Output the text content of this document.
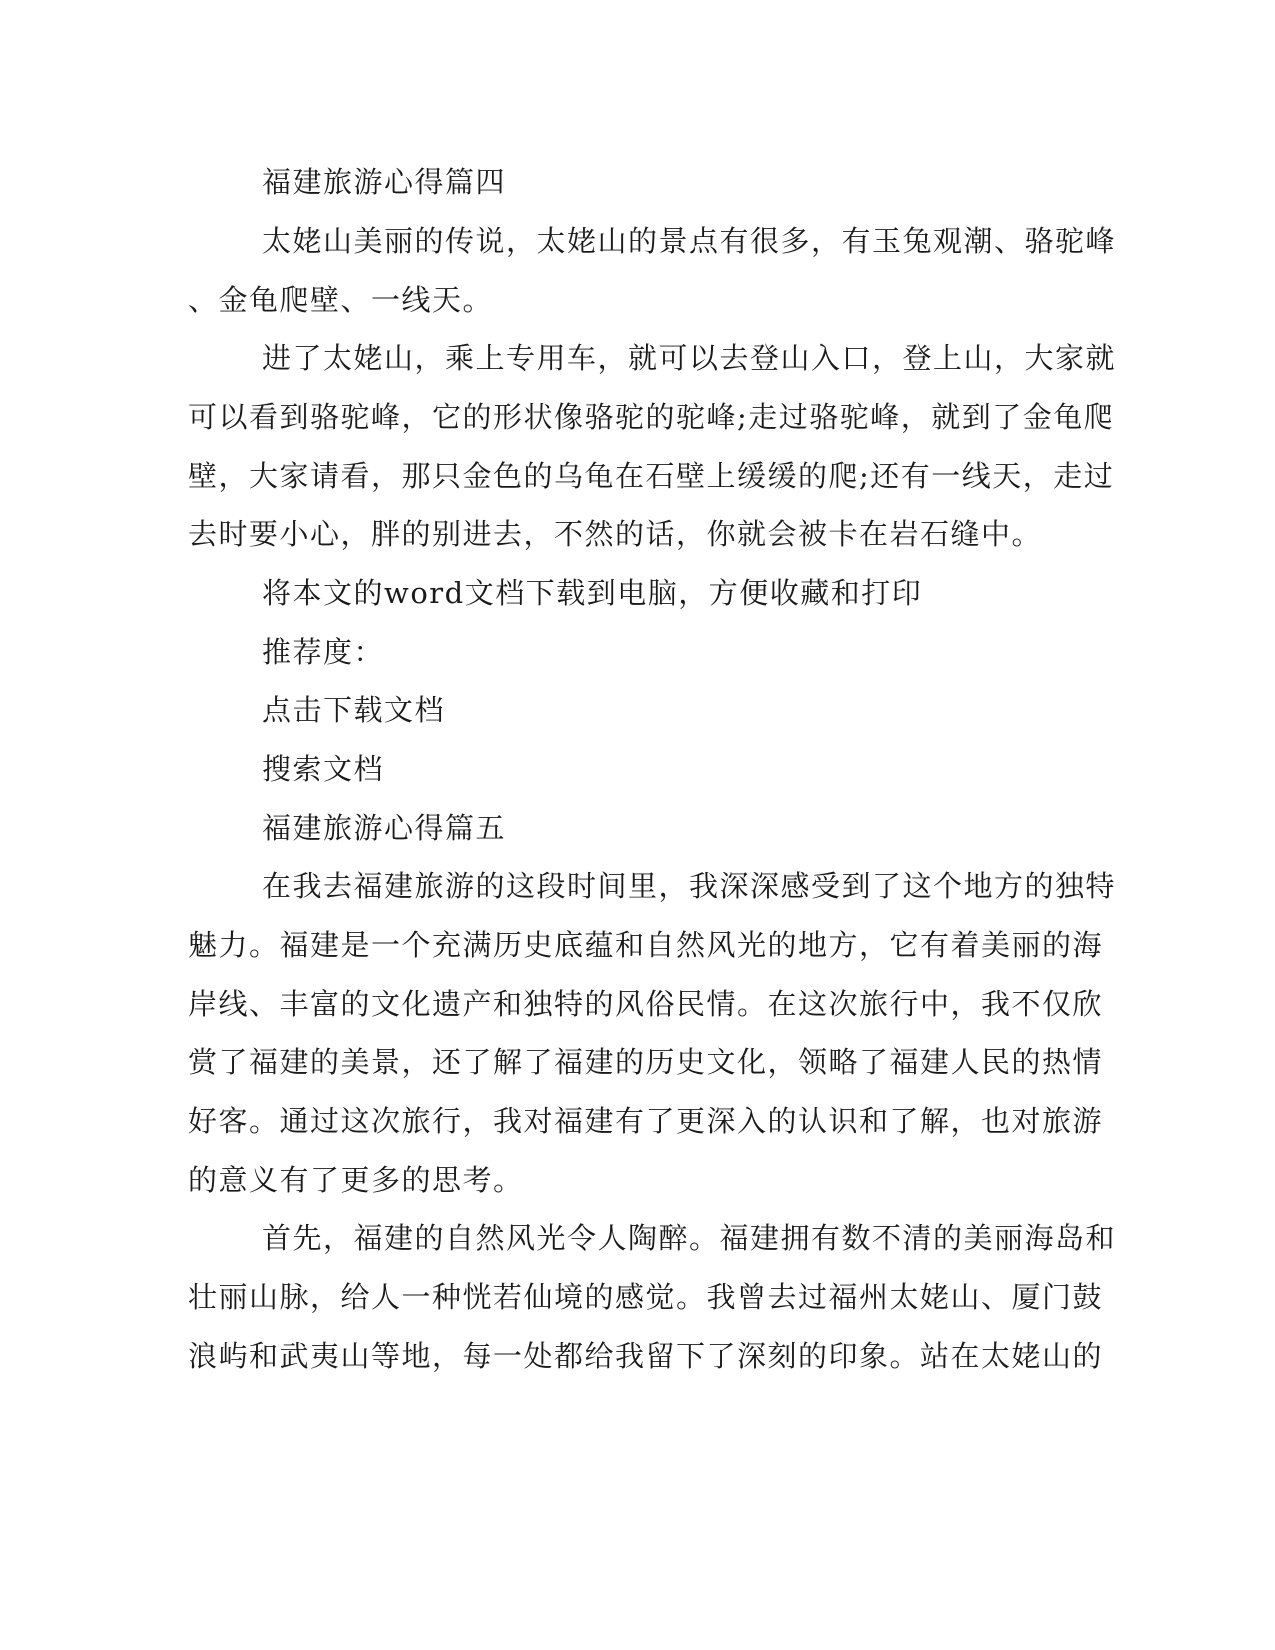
福建旅游心得篇四
太姥山美丽的传说，太姥山的景点有很多，有玉兔观潮、骆驼峰
、金龟爬壁、一线天。
进了太姥山，乘上专用车，就可以去登山入口，登上山，大家就
可以看到骆驼峰，它的形状像骆驼的驼峰;走过骆驼峰，就到了金龟爬
壁，大家请看，那只金色的乌龟在石壁上缓缓的爬;还有一线天，走过
去时要小心，胖的别进去，不然的话，你就会被卡在岩石缝中。
将本文的word文档下载到电脑，方便收藏和打印
推荐度：
点击下载文档
搜索文档
福建旅游心得篇五
在我去福建旅游的这段时间里，我深深感受到了这个地方的独特
魅力。福建是一个充满历史底蕴和自然风光的地方，它有着美丽的海
岸线、丰富的文化遗产和独特的风俗民情。在这次旅行中，我不仅欣
赏了福建的美景，还了解了福建的历史文化，领略了福建人民的热情
好客。通过这次旅行，我对福建有了更深入的认识和了解，也对旅游
的意义有了更多的思考。
首先，福建的自然风光令人陶醉。福建拥有数不清的美丽海岛和
壮丽山脉，给人一种恍若仙境的感觉。我曾去过福州太姥山、厦门鼓
浪屿和武夷山等地，每一处都给我留下了深刻的印象。站在太姥山的
